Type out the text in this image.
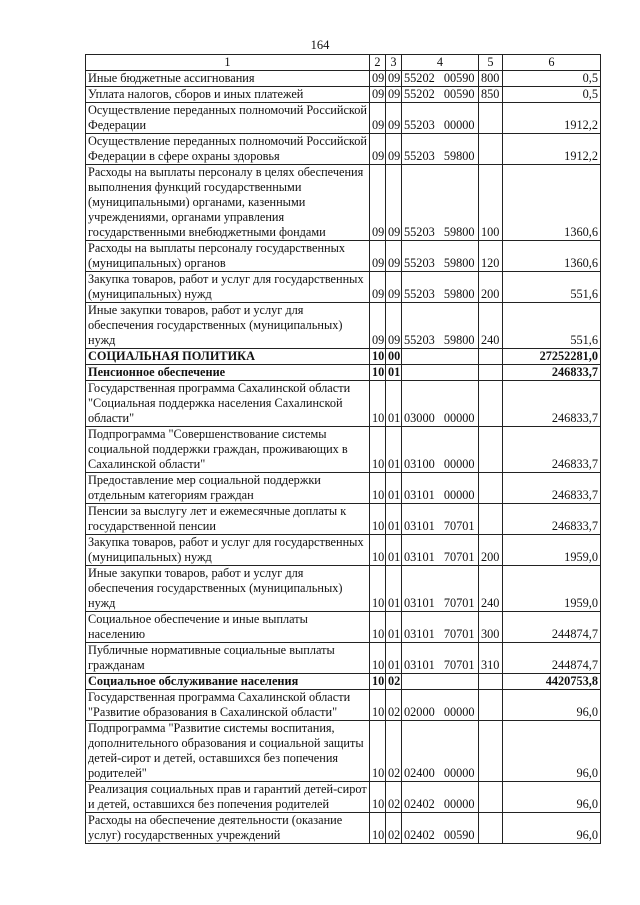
164
1	2	3	4	5	6
Иные бюджетные ассигнования	09	09	55202 00590	800	0,5
Уплата налогов, сборов и иных платежей	09	09	55202 00590	850	0,5
Осуществление переданных полномочий Российской Федерации	09	09	55203 00000		1912,2
Осуществление переданных полномочий Российской Федерации в сфере охраны здоровья	09	09	55203 59800		1912,2
Расходы на выплаты персоналу в целях обеспечения выполнения функций государственными (муниципальными) органами, казенными учреждениями, органами управления государственными внебюджетными фондами	09	09	55203 59800	100	1360,6
Расходы на выплаты персоналу государственных (муниципальных) органов	09	09	55203 59800	120	1360,6
Закупка товаров, работ и услуг для государственных (муниципальных) нужд	09	09	55203 59800	200	551,6
Иные закупки товаров, работ и услуг для обеспечения государственных (муниципальных) нужд	09	09	55203 59800	240	551,6
СОЦИАЛЬНАЯ ПОЛИТИКА	10	00			27252281,0
Пенсионное обеспечение	10	01			246833,7
Государственная программа Сахалинской области "Социальная поддержка населения Сахалинской области"	10	01	03000 00000		246833,7
Подпрограмма "Совершенствование системы социальной поддержки граждан, проживающих в Сахалинской области"	10	01	03100 00000		246833,7
Предоставление мер социальной поддержки отдельным категориям граждан	10	01	03101 00000		246833,7
Пенсии за выслугу лет и ежемесячные доплаты к государственной пенсии	10	01	03101 70701		246833,7
Закупка товаров, работ и услуг для государственных (муниципальных) нужд	10	01	03101 70701	200	1959,0
Иные закупки товаров, работ и услуг для обеспечения государственных (муниципальных) нужд	10	01	03101 70701	240	1959,0
Социальное обеспечение и иные выплаты населению	10	01	03101 70701	300	244874,7
Публичные нормативные социальные выплаты гражданам	10	01	03101 70701	310	244874,7
Социальное обслуживание населения	10	02			4420753,8
Государственная программа Сахалинской области "Развитие образования в Сахалинской области"	10	02	02000 00000		96,0
Подпрограмма "Развитие системы воспитания, дополнительного образования и социальной защиты детей-сирот и детей, оставшихся без попечения родителей"	10	02	02400 00000		96,0
Реализация социальных прав и гарантий детей-сирот и детей, оставшихся без попечения родителей	10	02	02402 00000		96,0
Расходы на обеспечение деятельности (оказание услуг) государственных учреждений	10	02	02402 00590		96,0
